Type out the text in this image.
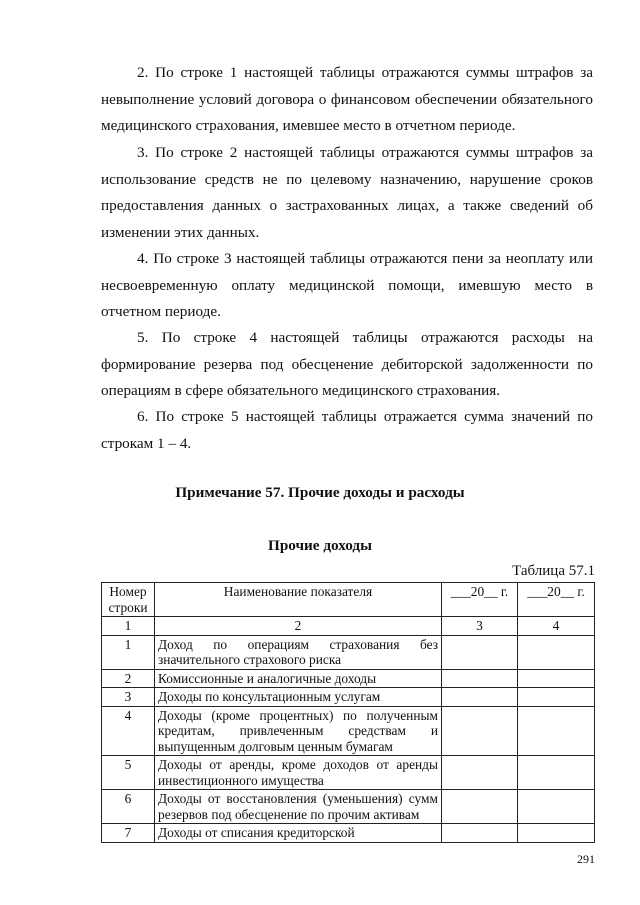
2. По строке 1 настоящей таблицы отражаются суммы штрафов за невыполнение условий договора о финансовом обеспечении обязательного медицинского страхования, имевшее место в отчетном периоде.

3. По строке 2 настоящей таблицы отражаются суммы штрафов за использование средств не по целевому назначению, нарушение сроков предоставления данных о застрахованных лицах, а также сведений об изменении этих данных.

4. По строке 3 настоящей таблицы отражаются пени за неоплату или несвоевременную оплату медицинской помощи, имевшую место в отчетном периоде.

5. По строке 4 настоящей таблицы отражаются расходы на формирование резерва под обесценение дебиторской задолженности по операциям в сфере обязательного медицинского страхования.

6. По строке 5 настоящей таблицы отражается сумма значений по строкам 1 – 4.

Примечание 57. Прочие доходы и расходы
Прочие доходы
Таблица 57.1
Номер строки	Наименование показателя	___20__ г.	___20__ г.
1	2	3	4
1	Доход по операциям страхования без значительного страхового риска		
2	Комиссионные и аналогичные доходы		
3	Доходы по консультационным услугам		
4	Доходы (кроме процентных) по полученным кредитам, привлеченным средствам и выпущенным долговым ценным бумагам		
5	Доходы от аренды, кроме доходов от аренды инвестиционного имущества		
6	Доходы от восстановления (уменьшения) сумм резервов под обесценение по прочим активам		
7	Доходы от списания кредиторской		
291
